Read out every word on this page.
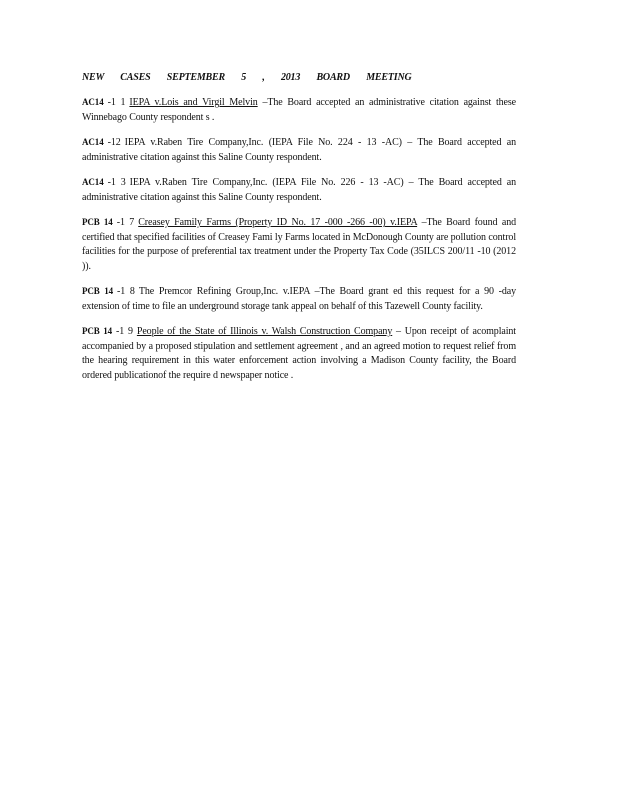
NEW CASES SEPTEMBER 5 , 2013 BOARD MEETING

AC14 -1 1 IEPA v.Lois and Virgil Melvin –The Board accepted an administrative citation against these Winnebago County respondent s .

AC14 -12 IEPA v.Raben Tire Company,Inc. (IEPA File No. 224 - 13 -AC) – The Board accepted an administrative citation against this Saline County respondent.

AC14 -1 3 IEPA v.Raben Tire Company,Inc. (IEPA File No. 226 - 13 -AC) – The Board accepted an administrative citation against this Saline County respondent.

PCB 14 -1 7 Creasey Family Farms (Property ID No. 17 -000 -266 -00) v.IEPA –The Board found and certified that specified facilities of Creasey Fami ly Farms located in McDonough County are pollution control facilities for the purpose of preferential tax treatment under the Property Tax Code (35ILCS 200/11 -10 (2012 )).

PCB 14 -1 8 The Premcor Refining Group,Inc. v.IEPA –The Board grant ed this request for a 90 -day extension of time to file an underground storage tank appeal on behalf of this Tazewell County facility.

PCB 14 -1 9 People of the State of Illinois v. Walsh Construction Company – Upon receipt of acomplaint accompanied by a proposed stipulation and settlement agreement , and an agreed motion to request relief from the hearing requirement in this water enforcement action involving a Madison County facility, the Board ordered publicationof the require d newspaper notice .
